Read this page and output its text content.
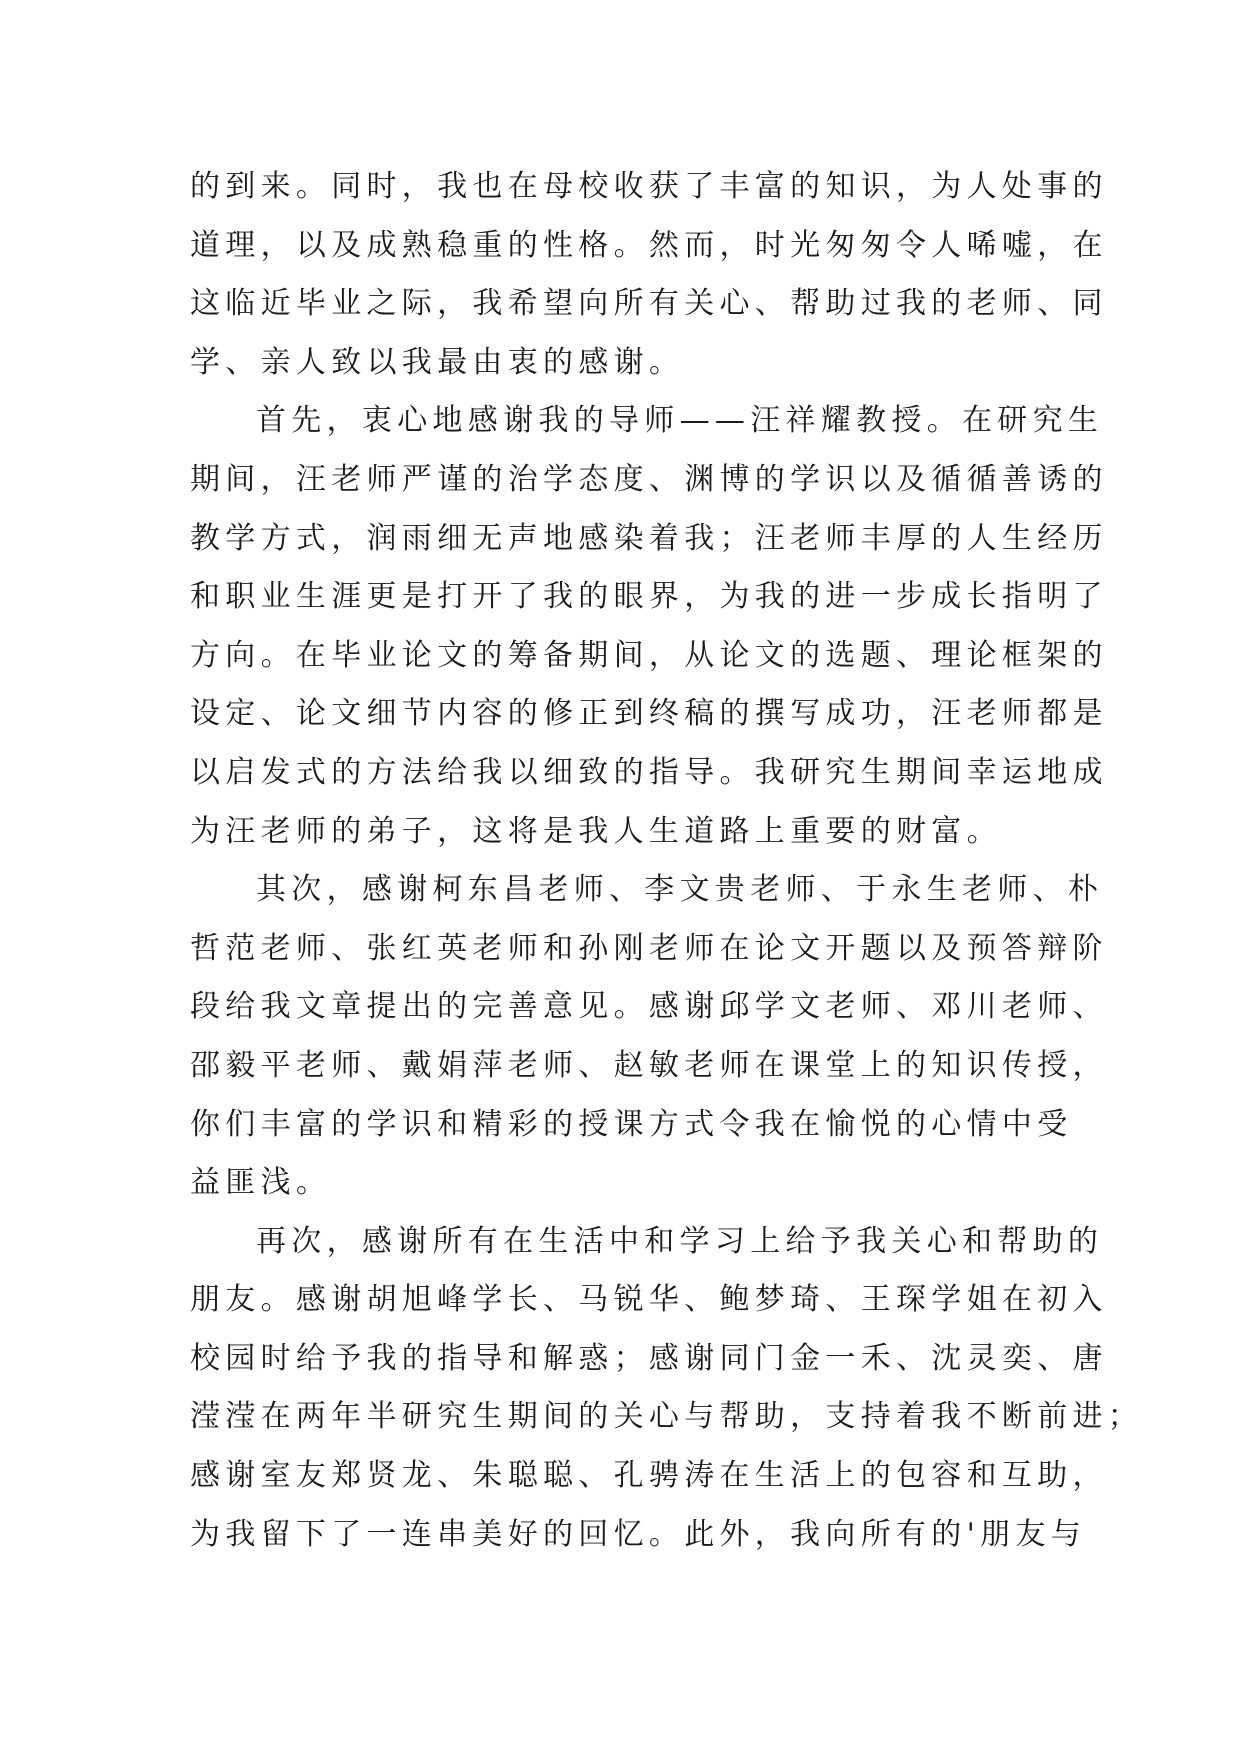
的到来。同时，我也在母校收获了丰富的知识，为人处事的
道理，以及成熟稳重的性格。然而，时光匆匆令人唏嘘，在
这临近毕业之际，我希望向所有关心、帮助过我的老师、同
学、亲人致以我最由衷的感谢。
首先，衷心地感谢我的导师——汪祥耀教授。在研究生
期间，汪老师严谨的治学态度、渊博的学识以及循循善诱的
教学方式，润雨细无声地感染着我；汪老师丰厚的人生经历
和职业生涯更是打开了我的眼界，为我的进一步成长指明了
方向。在毕业论文的筹备期间，从论文的选题、理论框架的
设定、论文细节内容的修正到终稿的撰写成功，汪老师都是
以启发式的方法给我以细致的指导。我研究生期间幸运地成
为汪老师的弟子，这将是我人生道路上重要的财富。
其次，感谢柯东昌老师、李文贵老师、于永生老师、朴
哲范老师、张红英老师和孙刚老师在论文开题以及预答辩阶
段给我文章提出的完善意见。感谢邱学文老师、邓川老师、
邵毅平老师、戴娟萍老师、赵敏老师在课堂上的知识传授，
你们丰富的学识和精彩的授课方式令我在愉悦的心情中受
益匪浅。
再次，感谢所有在生活中和学习上给予我关心和帮助的
朋友。感谢胡旭峰学长、马锐华、鲍梦琦、王琛学姐在初入
校园时给予我的指导和解惑；感谢同门金一禾、沈灵奕、唐
滢滢在两年半研究生期间的关心与帮助，支持着我不断前进；
感谢室友郑贤龙、朱聪聪、孔骋涛在生活上的包容和互助，
为我留下了一连串美好的回忆。此外，我向所有的'朋友与
